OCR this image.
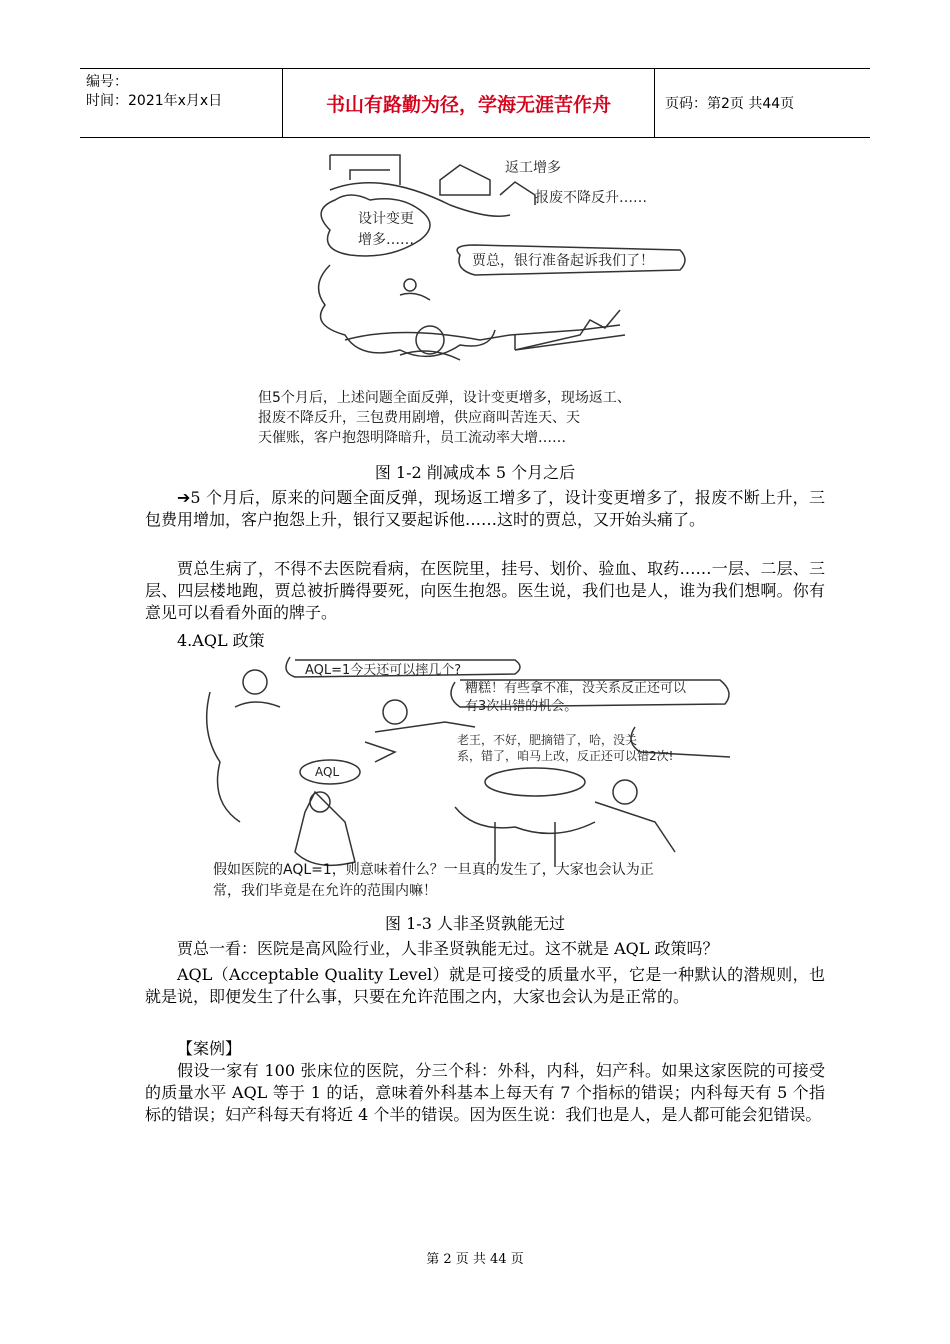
编号：
时间：2021年x月x日	书山有路勤为径，学海无涯苦作舟	页码：第2页 共44页
返工增多
报废不降反升……
设计变更
增多……
贾总，银行准备起诉我们了！
但5个月后，上述问题全面反弹，设计变更增多，现场返工、
报废不降反升，三包费用剧增，供应商叫苦连天、天
天催账，客户抱怨明降暗升，员工流动率大增……
图 1-2 削减成本 5 个月之后
➔5 个月后，原来的问题全面反弹，现场返工增多了，设计变更增多了，报废不断上升，三包费用增加，客户抱怨上升，银行又要起诉他……这时的贾总，又开始头痛了。
贾总生病了，不得不去医院看病，在医院里，挂号、划价、验血、取药……一层、二层、三层、四层楼地跑，贾总被折腾得要死，向医生抱怨。医生说，我们也是人，谁为我们想啊。你有意见可以看看外面的牌子。
4.AQL 政策
AQL=1今天还可以摔几个?
糟糕！有些拿不准，没关系反正还可以
有3次出错的机会。
老王，不好，肥摘错了，哈，没关
系，错了，咱马上改，反正还可以错2次!
AQL
假如医院的AQL=1，则意味着什么？一旦真的发生了，大家也会认为正
常，我们毕竟是在允许的范围内嘛！
图 1-3 人非圣贤孰能无过
贾总一看：医院是高风险行业，人非圣贤孰能无过。这不就是 AQL 政策吗？
AQL（Acceptable Quality Level）就是可接受的质量水平，它是一种默认的潜规则，也就是说，即便发生了什么事，只要在允许范围之内，大家也会认为是正常的。
【案例】
假设一家有 100 张床位的医院，分三个科：外科，内科，妇产科。如果这家医院的可接受的质量水平 AQL 等于 1 的话，意味着外科基本上每天有 7 个指标的错误；内科每天有 5 个指标的错误；妇产科每天有将近 4 个半的错误。因为医生说：我们也是人，是人都可能会犯错误。
第 2 页 共 44 页
